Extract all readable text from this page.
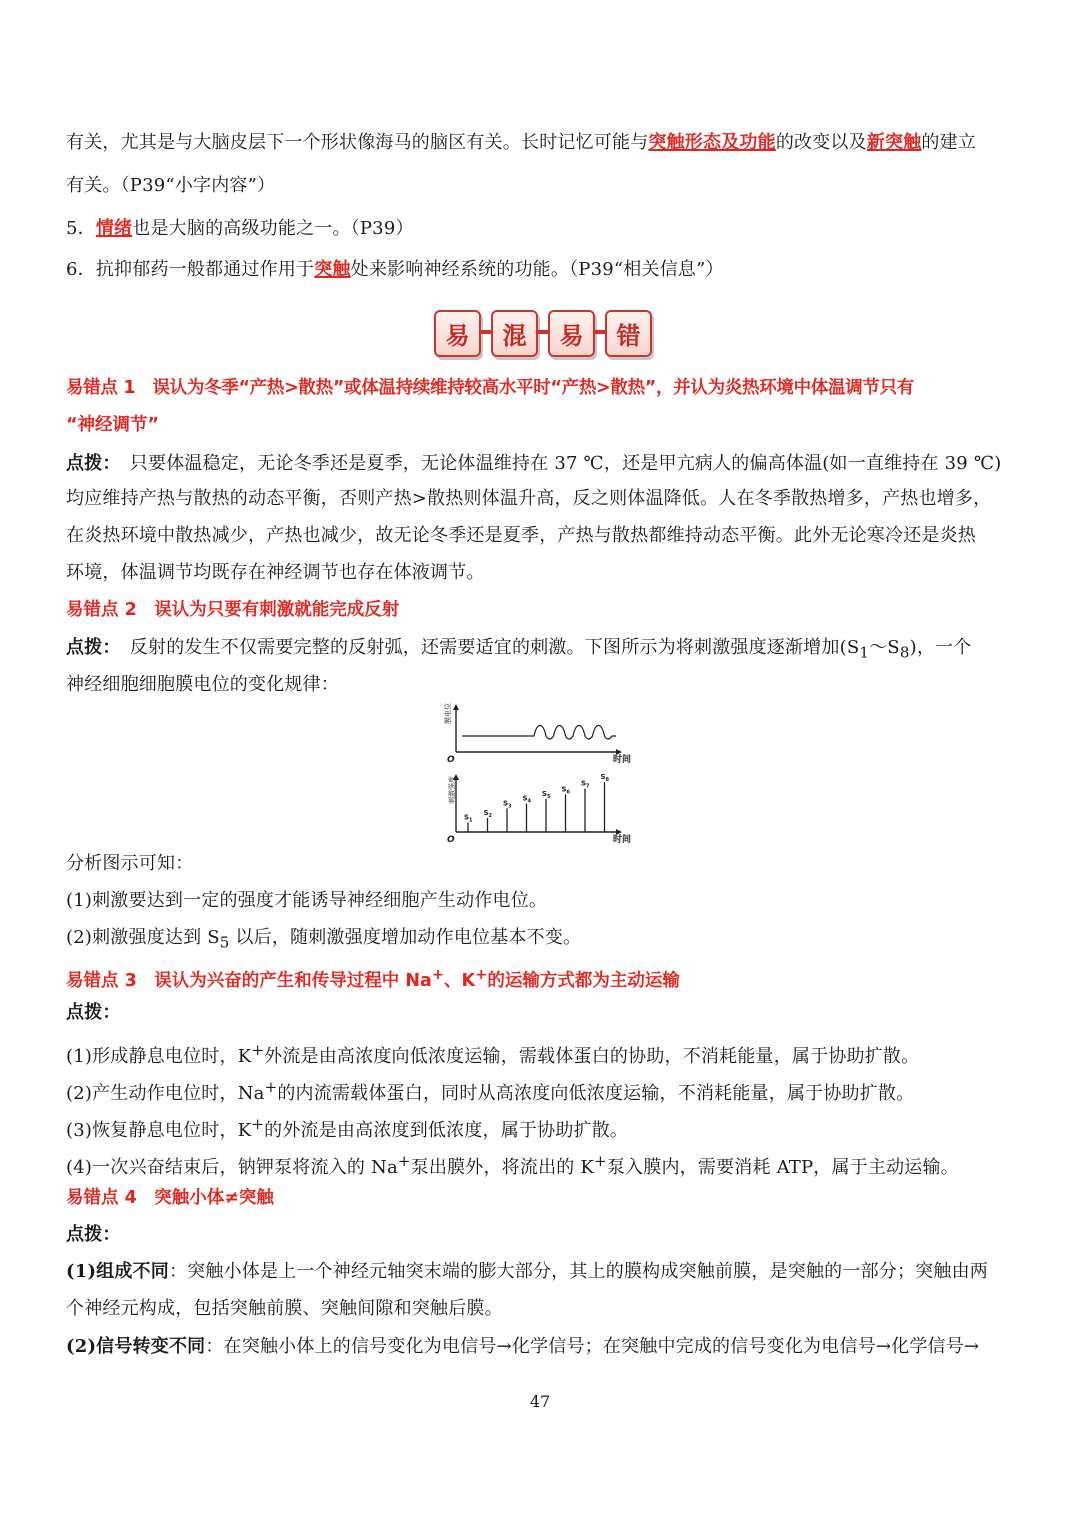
有关，尤其是与大脑皮层下一个形状像海马的脑区有关。长时记忆可能与突触形态及功能的改变以及新突触的建立
有关。（P39“小字内容”）
5．情绪也是大脑的高级功能之一。（P39）
6．抗抑郁药一般都通过作用于突触处来影响神经系统的功能。（P39“相关信息”）
易	混	易	错
易错点 1　误认为冬季“产热>散热”或体温持续维持较高水平时“产热>散热”，并认为炎热环境中体温调节只有
“神经调节”
点拨：　只要体温稳定，无论冬季还是夏季，无论体温维持在 37 ℃，还是甲亢病人的偏高体温(如一直维持在 39 ℃)
均应维持产热与散热的动态平衡，否则产热>散热则体温升高，反之则体温降低。人在冬季散热增多，产热也增多，
在炎热环境中散热减少，产热也减少，故无论冬季还是夏季，产热与散热都维持动态平衡。此外无论寒冷还是炎热
环境，体温调节均既存在神经调节也存在体液调节。
易错点 2　误认为只要有刺激就能完成反射
点拨：　反射的发生不仅需要完整的反射弧，还需要适宜的刺激。下图所示为将刺激强度逐渐增加$(S_1\sim S_8)$，一个
神经细胞细胞膜电位的变化规律：
膜电位
时间
O
$S_1$
$S_2$
$S_3$
$S_4$
$S_5$
$S_6$
$S_7$
$S_8$
刺激强度
时间
O
分析图示可知：
(1)刺激要达到一定的强度才能诱导神经细胞产生动作电位。
(2)刺激强度达到 $S_5$ 以后，随刺激强度增加动作电位基本不变。
易错点 3　误认为兴奋的产生和传导过程中 Na+、K+的运输方式都为主动运输
点拨：
(1)形成静息电位时，K+外流是由高浓度向低浓度运输，需载体蛋白的协助，不消耗能量，属于协助扩散。
(2)产生动作电位时，Na+的内流需载体蛋白，同时从高浓度向低浓度运输，不消耗能量，属于协助扩散。
(3)恢复静息电位时，K+的外流是由高浓度到低浓度，属于协助扩散。
(4)一次兴奋结束后，钠钾泵将流入的 Na+泵出膜外，将流出的 K+泵入膜内，需要消耗 ATP，属于主动运输。
易错点 4　突触小体≠突触
点拨：
(1)组成不同：突触小体是上一个神经元轴突末端的膨大部分，其上的膜构成突触前膜，是突触的一部分；突触由两
个神经元构成，包括突触前膜、突触间隙和突触后膜。
(2)信号转变不同：在突触小体上的信号变化为电信号→化学信号；在突触中完成的信号变化为电信号→化学信号→
47
